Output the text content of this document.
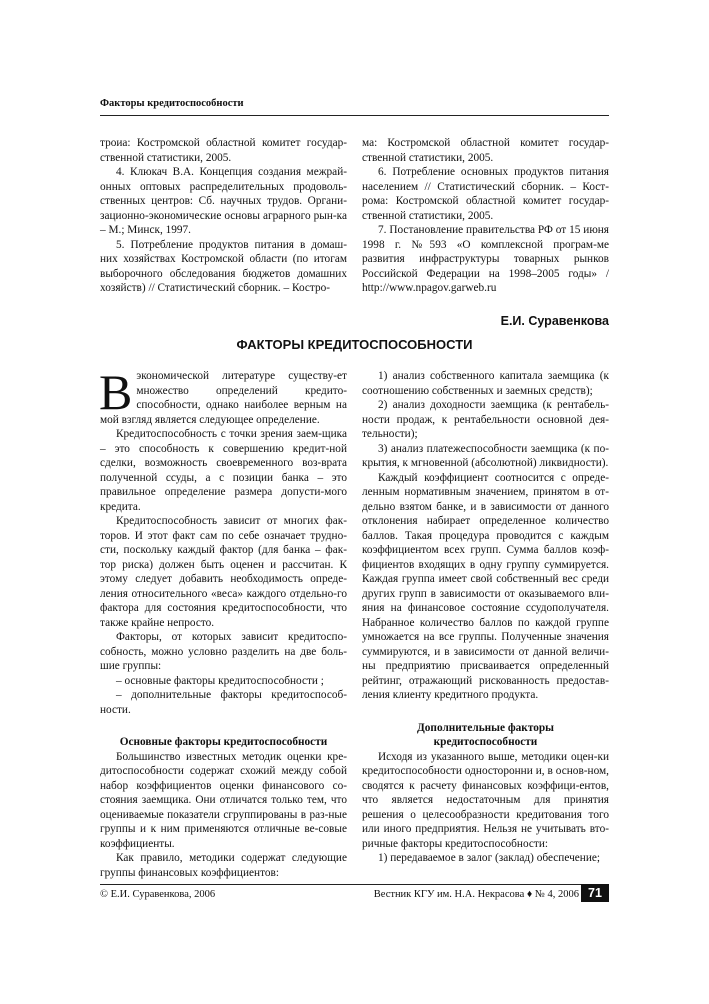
Факторы кредитоспособности

троиа: Костромской областной комитет государ-ственной статистики, 2005.

4. Клюкач В.А. Концепция создания межрай-онных оптовых распределительных продоволь-ственных центров: Сб. научных трудов. Органи-зационно-экономические основы аграрного рын-ка – М.; Минск, 1997.

5. Потребление продуктов питания в домаш-них хозяйствах Костромской области (по итогам выборочного обследования бюджетов домашних хозяйств) // Статистический сборник. – Костро-

ма: Костромской областной комитет государ-ственной статистики, 2005.

6. Потребление основных продуктов питания населением // Статистический сборник. – Кост-рома: Костромской областной комитет государ-ственной статистики, 2005.

7. Постановление правительства РФ от 15 июня 1998 г. №593 «О комплексной програм-ме развития инфраструктуры товарных рынков Российской Федерации на 1998–2005 годы» / http://www.npagov.garweb.ru

Е.И. Суравенкова
ФАКТОРЫ КРЕДИТОСПОСОБНОСТИ

Вэкономической литературе существу-ет множество определений кредито-способности, однако наиболее верным на мой взгляд является следующее определение.

Кредитоспособность с точки зрения заем-щика – это способность к совершению кредит-ной сделки, возможность своевременного воз-врата полученной ссуды, а с позиции банка – это правильное определение размера допусти-мого кредита.

Кредитоспособность зависит от многих фак-торов. И этот факт сам по себе означает трудно-сти, поскольку каждый фактор (для банка – фак-тор риска) должен быть оценен и рассчитан. К этому следует добавить необходимость опреде-ления относительного «веса» каждого отдельно-го фактора для состояния кредитоспособности, что также крайне непросто.

Факторы, от которых зависит кредитоспо-собность, можно условно разделить на две боль-шие группы:

– основные факторы кредитоспособности ;

– дополнительные факторы кредитоспособ-ности.

Основные факторы кредитоспособности

Большинство известных методик оценки кре-дитоспособности содержат схожий между собой набор коэффициентов оценки финансового со-стояния заемщика. Они отличатся только тем, что оцениваемые показатели сгруппированы в раз-ные группы и к ним применяются отличные ве-совые коэффициенты.

Как правило, методики содержат следующие группы финансовых коэффициентов:

1) анализ собственного капитала заемщика (к соотношению собственных и заемных средств);

2) анализ доходности заемщика (к рентабель-ности продаж, к рентабельности основной дея-тельности);

3) анализ платежеспособности заемщика (к по-крытия, к мгновенной (абсолютной) ликвидности).

Каждый коэффициент соотносится с опреде-ленным нормативным значением, принятом в от-дельно взятом банке, и в зависимости от данного отклонения набирает определенное количество баллов. Такая процедура проводится с каждым коэффициентом всех групп. Сумма баллов коэф-фициентов входящих в одну группу суммируется. Каждая группа имеет свой собственный вес среди других групп в зависимости от оказываемого вли-яния на финансовое состояние ссудополучателя. Набранное количество баллов по каждой группе умножается на все группы. Полученные значения суммируются, и в зависимости от данной величи-ны предприятию присваивается определенный рейтинг, отражающий рискованность предостав-ления клиенту кредитного продукта.

Дополнительные факторы

кредитоспособности

Исходя из указанного выше, методики оцен-ки кредитоспособности односторонни и, в основ-ном, сводятся к расчету финансовых коэффици-ентов, что является недостаточным для принятия решения о целесообразности кредитования того или иного предприятия. Нельзя не учитывать вто-ричные факторы кредитоспособности:

1) передаваемое в залог (заклад) обеспечение;

© Е.И. Суравенкова, 2006	Вестник КГУ им. Н.А. Некрасова ♦ № 4, 2006 71
